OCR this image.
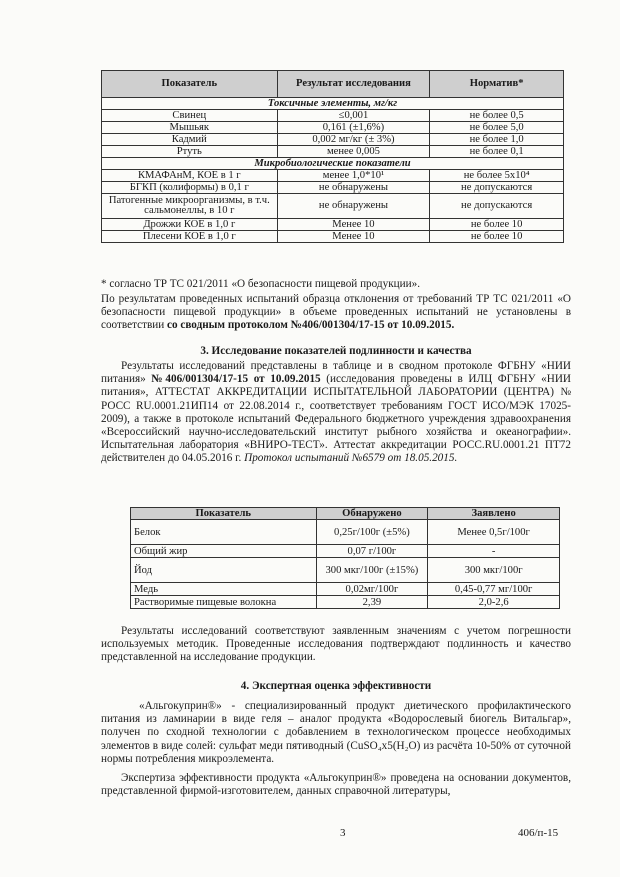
Показатель	Результат исследования	Норматив*
Токсичные элементы, мг/кг		
Свинец	≤0,001	не более 0,5
Мышьяк	0,161 (±1,6%)	не более 5,0
Кадмий	0,002 мг/кг (± 3%)	не более 1,0
Ртуть	менее 0,005	не более 0,1
Микробиологические показатели		
КМАФАнМ, КОЕ в 1 г	менее 1,0*10¹	не более 5x10⁴
БГКП (колиформы) в 0,1 г	не обнаружены	не допускаются
Патогенные микроорганизмы, в т.ч. сальмонеллы, в 10 г	не обнаружены	не допускаются
Дрожжи КОЕ в 1,0 г	Менее 10	не более 10
Плесени КОЕ в 1,0 г	Менее 10	не более 10
* согласно ТР ТС 021/2011 «О безопасности пищевой продукции».
По результатам проведенных испытаний образца отклонения от требований ТР ТС 021/2011 «О безопасности пищевой продукции» в объеме проведенных испытаний не установлены в соответствии со сводным протоколом №406/001304/17-15 от 10.09.2015.
3. Исследование показателей подлинности и качества
Результаты исследований представлены в таблице и в сводном протоколе ФГБНУ «НИИ питания» №406/001304/17-15 от 10.09.2015 (исследования проведены в ИЛЦ ФГБНУ «НИИ питания», АТТЕСТАТ АККРЕДИТАЦИИ ИСПЫТАТЕЛЬНОЙ ЛАБОРАТОРИИ (ЦЕНТРА) № РОСС RU.0001.21ИП14 от 22.08.2014 г., соответствует требованиям ГОСТ ИСО/МЭК 17025-2009), а также в протоколе испытаний Федерального бюджетного учреждения здравоохранения «Всероссийский научно-исследовательский институт рыбного хозяйства и океанографии». Испытательная лаборатория «ВНИРО-ТЕСТ». Аттестат аккредитации РОСС.RU.0001.21 ПТ72 действителен до 04.05.2016 г. Протокол испытаний №6579 от 18.05.2015.
Показатель	Обнаружено	Заявлено
Белок	0,25г/100г (±5%)	Менее 0,5г/100г
Общий жир	0,07 г/100г	-
Йод	300 мкг/100г (±15%)	300 мкг/100г
Медь	0,02мг/100г	0,45-0,77 мг/100г
Растворимые пищевые волокна	2,39	2,0-2,6
Результаты исследований соответствуют заявленным значениям с учетом погрешности используемых методик. Проведенные исследования подтверждают подлинность и качество представленной на исследование продукции.
4. Экспертная оценка эффективности
«Альгокуприн®» - специализированный продукт диетического профилактического питания из ламинарии в виде геля – аналог продукта «Водорослевый биогель Витальгар», получен по сходной технологии с добавлением в технологическом процессе необходимых элементов в виде солей: сульфат меди пятиводный (CuSO₄x5(H₂O) из расчёта 10-50% от суточной нормы потребления микроэлемента.
Экспертиза эффективности продукта «Альгокуприн®» проведена на основании документов, представленной фирмой-изготовителем, данных справочной литературы,
3	406/п-15
